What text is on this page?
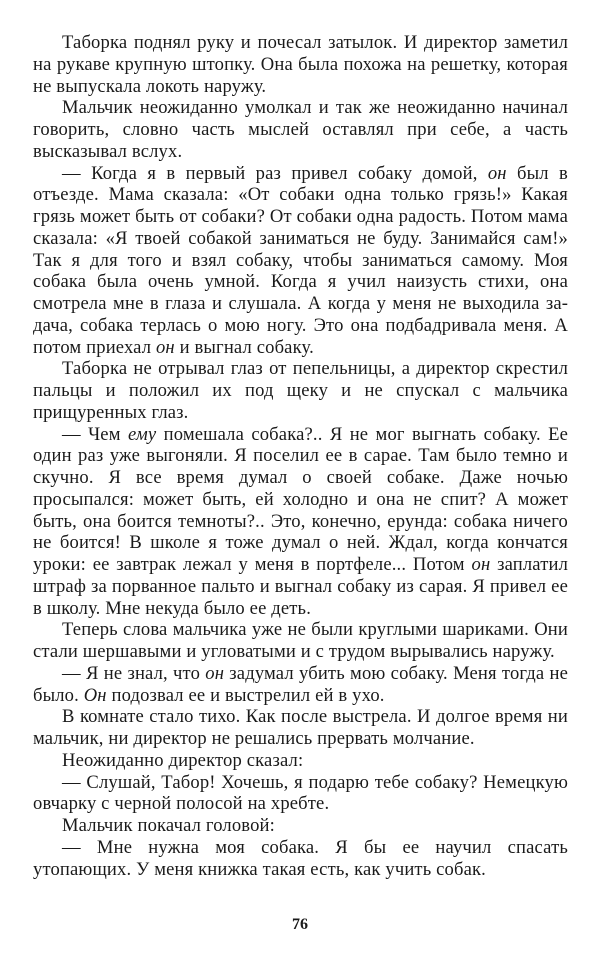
Таборка поднял руку и почесал затылок. И директор заметил на рукаве крупную штопку. Она была похожа на решетку, которая не выпускала локоть наружу.

Мальчик неожиданно умолкал и так же неожиданно начинал говорить, словно часть мыслей оставлял при себе, а часть высказывал вслух.

— Когда я в первый раз привел собаку домой, он был в отъезде. Мама сказала: «От собаки одна только грязь!» Какая грязь может быть от собаки? От собаки одна радость. Потом мама сказала: «Я твоей собакой заниматься не буду. Занимайся сам!» Так я для того и взял собаку, чтобы заниматься самому. Моя собака была очень умной. Когда я учил наизусть стихи, она смотрела мне в глаза и слушала. А когда у меня не выходила задача, собака терлась о мою ногу. Это она подбадривала меня. А потом приехал он и выгнал собаку.

Таборка не отрывал глаз от пепельницы, а директор скрестил пальцы и положил их под щеку и не спускал с мальчика прищуренных глаз.

— Чем ему помешала собака?.. Я не мог выгнать собаку. Ее один раз уже выгоняли. Я поселил ее в сарае. Там было темно и скучно. Я все время думал о своей собаке. Даже ночью просыпался: может быть, ей холодно и она не спит? А может быть, она боится темноты?.. Это, конечно, ерунда: собака ничего не боится! В школе я тоже думал о ней. Ждал, когда кончатся уроки: ее завтрак лежал у меня в портфеле... Потом он заплатил штраф за порванное пальто и выгнал собаку из сарая. Я привел ее в школу. Мне некуда было ее деть.

Теперь слова мальчика уже не были круглыми шариками. Они стали шершавыми и угловатыми и с трудом вырывались наружу.

— Я не знал, что он задумал убить мою собаку. Меня тогда не было. Он подозвал ее и выстрелил ей в ухо.

В комнате стало тихо. Как после выстрела. И долгое время ни мальчик, ни директор не решались прервать молчание.

Неожиданно директор сказал:

— Слушай, Табор! Хочешь, я подарю тебе собаку? Немецкую овчарку с черной полосой на хребте.

Мальчик покачал головой:

— Мне нужна моя собака. Я бы ее научил спасать утопающих. У меня книжка такая есть, как учить собак.

76
